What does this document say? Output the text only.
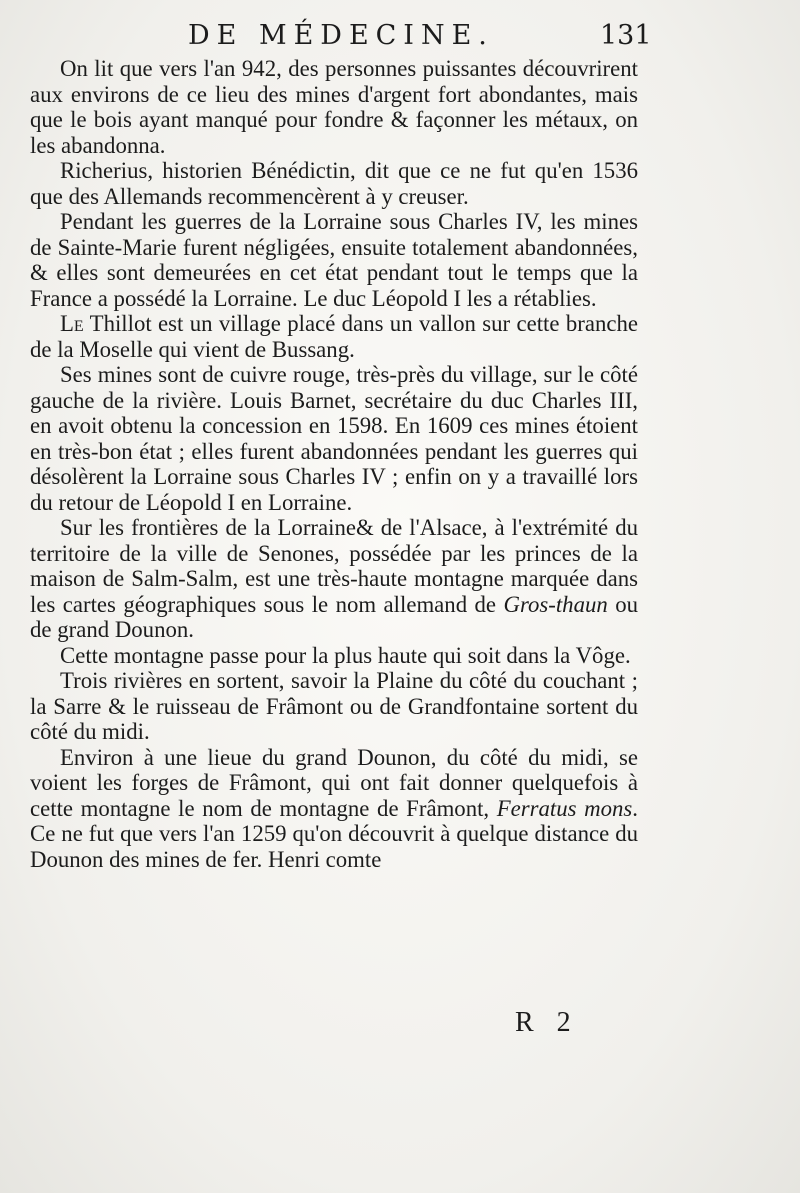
DE MÉDECINE.	131

On lit que vers l'an 942, des personnes puissantes découvrirent aux environs de ce lieu des mines d'argent fort abondantes, mais que le bois ayant manqué pour fondre & façonner les métaux, on les abandonna.

Richerius, historien Bénédictin, dit que ce ne fut qu'en 1536 que des Allemands recommencèrent à y creuser.

Pendant les guerres de la Lorraine sous Charles IV, les mines de Sainte-Marie furent négligées, ensuite totalement abandonnées, & elles sont demeurées en cet état pendant tout le temps que la France a possédé la Lorraine. Le duc Léopold I les a rétablies.

Le Thillot est un village placé dans un vallon sur cette branche de la Moselle qui vient de Bussang.

Ses mines sont de cuivre rouge, très-près du village, sur le côté gauche de la rivière. Louis Barnet, secrétaire du duc Charles III, en avoit obtenu la concession en 1598. En 1609 ces mines étoient en très-bon état ; elles furent abandonnées pendant les guerres qui désolèrent la Lorraine sous Charles IV ; enfin on y a travaillé lors du retour de Léopold I en Lorraine.

Sur les frontières de la Lorraine& de l'Alsace, à l'extrémité du territoire de la ville de Senones, possédée par les princes de la maison de Salm-Salm, est une très-haute montagne marquée dans les cartes géographiques sous le nom allemand de Gros-thaun ou de grand Dounon.

Cette montagne passe pour la plus haute qui soit dans la Vôge.

Trois rivières en sortent, savoir la Plaine du côté du couchant ; la Sarre & le ruisseau de Frâmont ou de Grandfontaine sortent du côté du midi.

Environ à une lieue du grand Dounon, du côté du midi, se voient les forges de Frâmont, qui ont fait donner quelquefois à cette montagne le nom de montagne de Frâmont, Ferratus mons. Ce ne fut que vers l'an 1259 qu'on découvrit à quelque distance du Dounon des mines de fer. Henri comte

R 2
